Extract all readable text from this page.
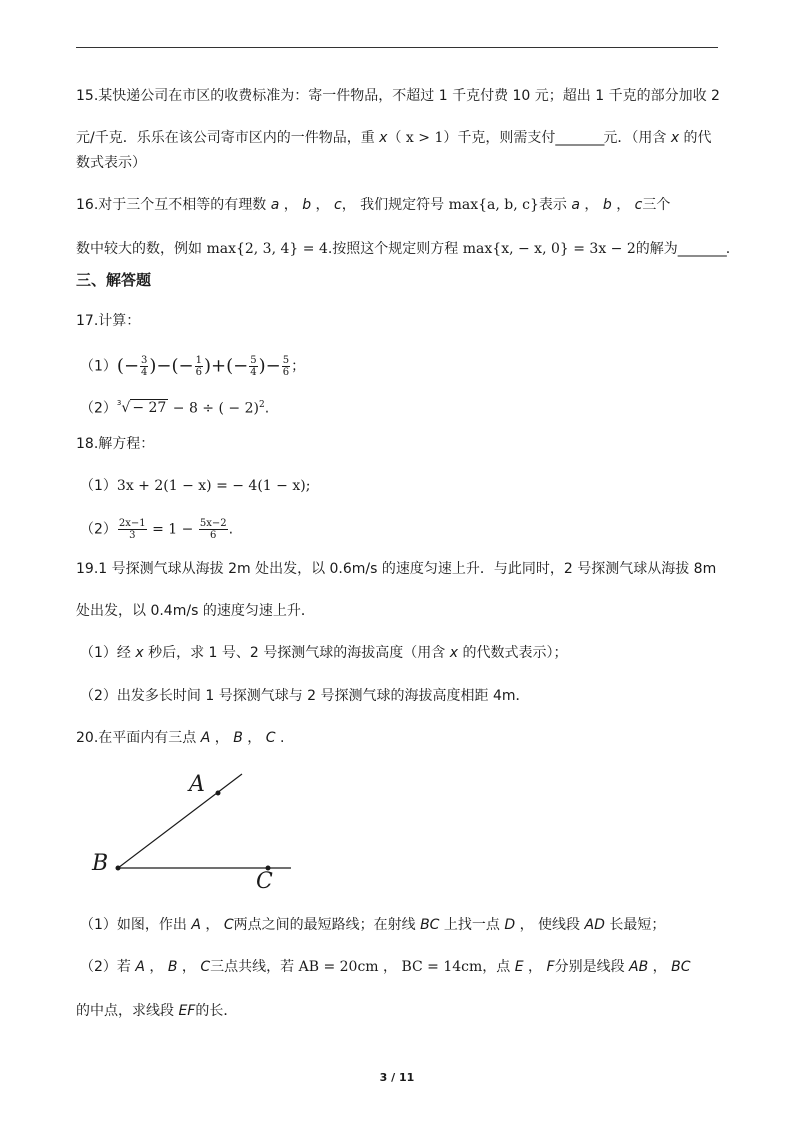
15.某快递公司在市区的收费标准为：寄一件物品，不超过 1 千克付费 10 元；超出 1 千克的部分加收 2
元/千克．乐乐在该公司寄市区内的一件物品，重 x（ x > 1）千克，则需支付________元．（用含 x 的代
数式表示）
16.对于三个互不相等的有理数 a ， b ， c， 我们规定符号 max{a, b, c}表示 a ， b ， c三个
数中较大的数，例如 max{2, 3, 4} = 4.按照这个规定则方程 max{x, − x, 0} = 3x − 2的解为________.
三、解答题
17.计算：
$(1)(- \frac{3}{4}$ )−(− $\frac{1}{6}$ )+(− $\frac{5}{4}$ )− $\frac{5}{6}$ ；
$(2)^3√ - 27 - 8$ ÷ ( − 2)$^2$.
18.解方程：
（1）3x + 2(1 − x) = − 4(1 − x);
$(2) \frac{2x-1}{3} = 1 - \frac{5x-2}{6}$ .
19.1 号探测气球从海拔 2m 处出发，以 0.6m/s 的速度匀速上升．与此同时，2 号探测气球从海拔 8m
处出发，以 0.4m/s 的速度匀速上升．
（1）经 x 秒后，求 1 号、2 号探测气球的海拔高度（用含 x 的代数式表示）；
（2）出发多长时间 1 号探测气球与 2 号探测气球的海拔高度相距 4m．
20.在平面内有三点 A ， B ， C .
A
B
C
（1）如图，作出 A ， C两点之间的最短路线；在射线 BC 上找一点 D ， 使线段 AD 长最短；
（2）若 A ， B ， C三点共线，若 AB = 20cm ， BC = 14cm，点 E ， F分别是线段 AB ， BC
的中点，求线段 EF的长．
3 / 11
